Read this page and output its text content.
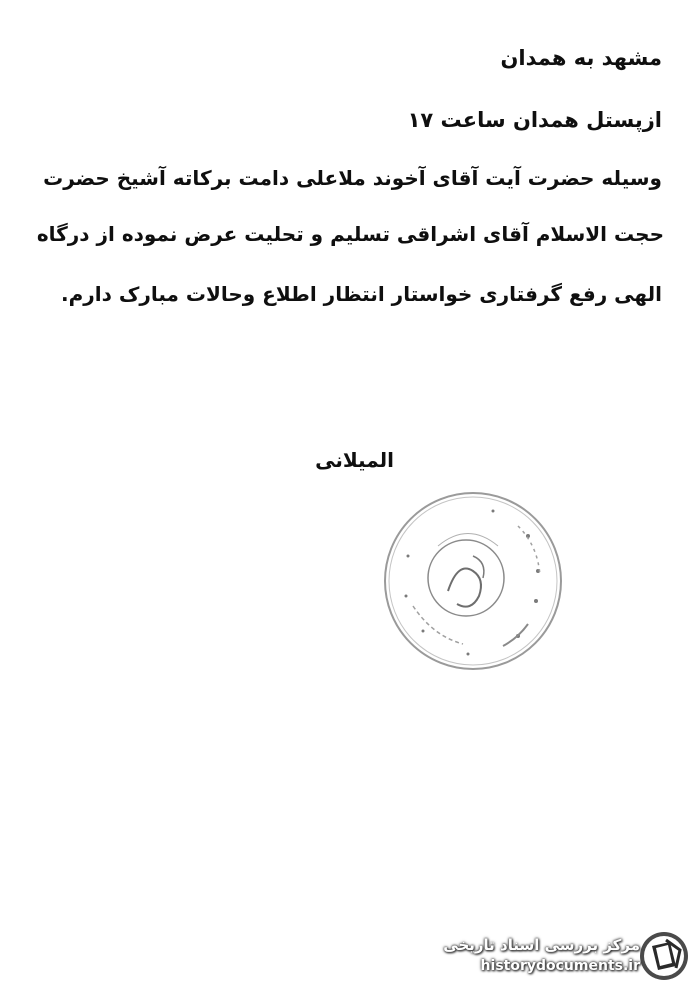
مشهد به همدان
ازپستل همدان ساعت ۱۷
وسیله حضرت آیت آقای آخوند ملاعلی دامت برکاته آشیخ حضرت
حجت الاسلام آقای اشراقی تسلیم و تحلیت عرض نموده از درگاه
الهی رفع گرفتاری خواستار انتظار اطلاع وحالات مبارک دارم.
المیلانی
مرکز بررسی اسناد تاریخی
historydocuments.ir
